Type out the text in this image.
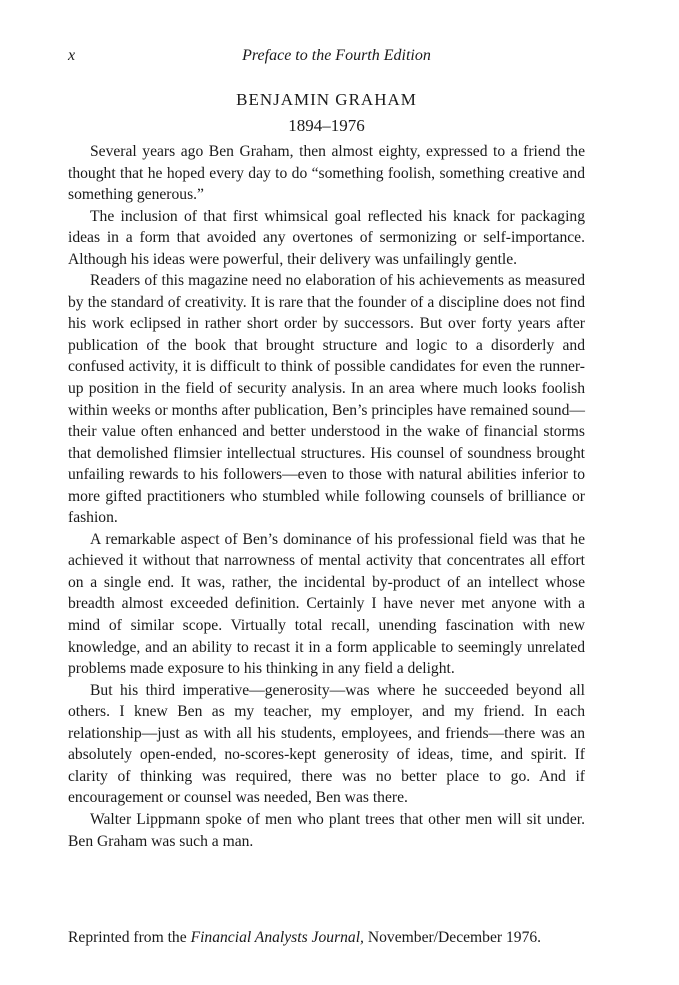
x	Preface to the Fourth Edition
BENJAMIN GRAHAM
1894–1976

Several years ago Ben Graham, then almost eighty, expressed to a friend the thought that he hoped every day to do “something foolish, something creative and something generous.”

The inclusion of that first whimsical goal reflected his knack for packaging ideas in a form that avoided any overtones of sermonizing or self-importance. Although his ideas were powerful, their delivery was unfailingly gentle.

Readers of this magazine need no elaboration of his achievements as measured by the standard of creativity. It is rare that the founder of a discipline does not find his work eclipsed in rather short order by successors. But over forty years after publication of the book that brought structure and logic to a disorderly and confused activity, it is difficult to think of possible candidates for even the runner-up position in the field of security analysis. In an area where much looks foolish within weeks or months after publication, Ben’s principles have remained sound—their value often enhanced and better understood in the wake of financial storms that demolished flimsier intellectual structures. His counsel of soundness brought unfailing rewards to his followers—even to those with natural abilities inferior to more gifted practitioners who stumbled while following counsels of brilliance or fashion.

A remarkable aspect of Ben’s dominance of his professional field was that he achieved it without that narrowness of mental activity that concentrates all effort on a single end. It was, rather, the incidental by-product of an intellect whose breadth almost exceeded definition. Certainly I have never met anyone with a mind of similar scope. Virtually total recall, unending fascination with new knowledge, and an ability to recast it in a form applicable to seemingly unrelated problems made exposure to his thinking in any field a delight.

But his third imperative—generosity—was where he succeeded beyond all others. I knew Ben as my teacher, my employer, and my friend. In each relationship—just as with all his students, employees, and friends—there was an absolutely open-ended, no-scores-kept generosity of ideas, time, and spirit. If clarity of thinking was required, there was no better place to go. And if encouragement or counsel was needed, Ben was there.

Walter Lippmann spoke of men who plant trees that other men will sit under. Ben Graham was such a man.

Reprinted from the Financial Analysts Journal, November/December 1976.
